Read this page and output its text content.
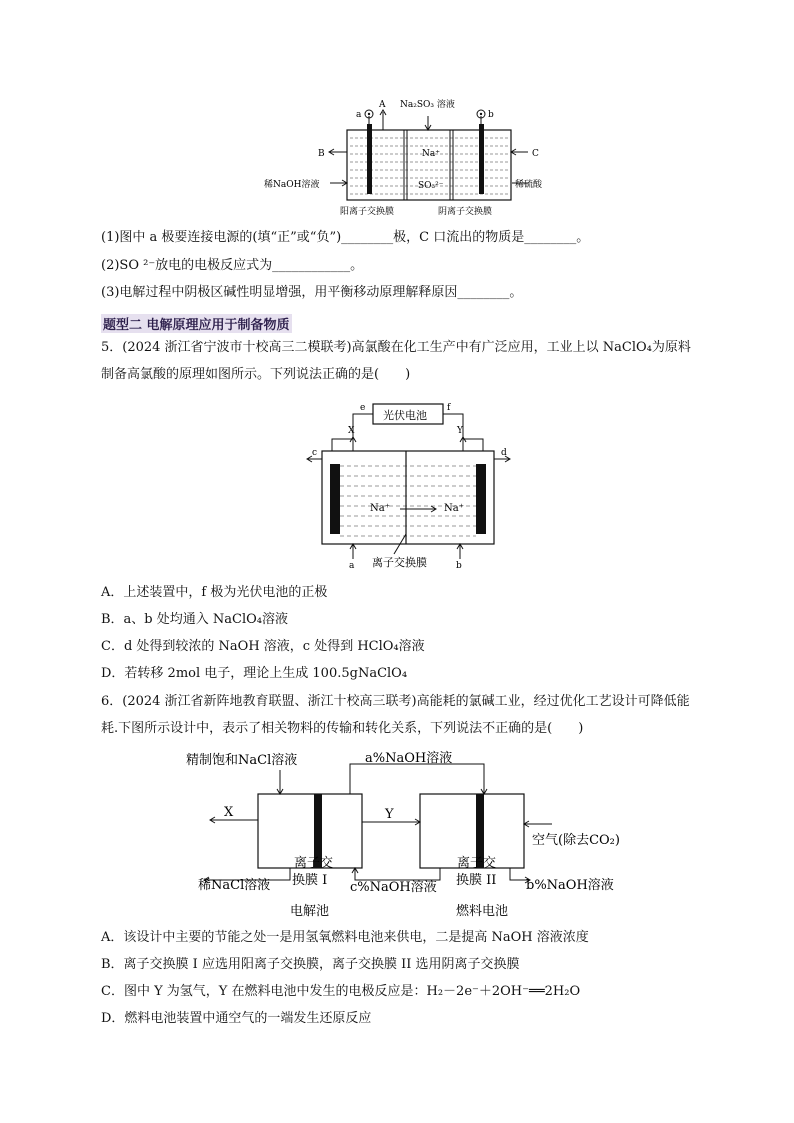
a	b
A Na₂SO₃ 溶液
B	C
Na⁺
SO₃²⁻
稀NaOH溶液	稀硫酸
阳离子交换膜	阴离子交换膜
(1)图中 a 极要连接电源的(填“正”或“负”)________极，C 口流出的物质是________。
(2)SO ²⁻放电的电极反应式为____________。
(3)电解过程中阴极区碱性明显增强，用平衡移动原理解释原因________。
题型二 电解原理应用于制备物质
5．(2024 浙江省宁波市十校高三二模联考)高氯酸在化工生产中有广泛应用，工业上以 NaClO₄为原料
制备高氯酸的原理如图所示。下列说法正确的是(　　)
光伏电池
e	f
X	Y
c	d
Na⁺	Na⁺
a	b
离子交换膜
A．上述装置中，f 极为光伏电池的正极
B．a、b 处均通入 NaClO₄溶液
C．d 处得到较浓的 NaOH 溶液，c 处得到 HClO₄溶液
D．若转移 2mol 电子，理论上生成 100.5gNaClO₄
6．(2024 浙江省新阵地教育联盟、浙江十校高三联考)高能耗的氯碱工业，经过优化工艺设计可降低能
耗.下图所示设计中，表示了相关物料的传输和转化关系，下列说法不正确的是(　　)
精制饱和NaCl溶液
X	Y
a%NaOH溶液
空气(除去CO₂)
稀NaCl溶液
离子交
换膜 I c%NaOH溶液
离子交
换膜 II b%NaOH溶液
电解池	燃料电池
A．该设计中主要的节能之处一是用氢氧燃料电池来供电，二是提高 NaOH 溶液浓度
B．离子交换膜 I 应选用阳离子交换膜，离子交换膜 II 选用阴离子交换膜
C．图中 Y 为氢气，Y 在燃料电池中发生的电极反应是：H₂－2e⁻＋2OH⁻══2H₂O
D．燃料电池装置中通空气的一端发生还原反应
